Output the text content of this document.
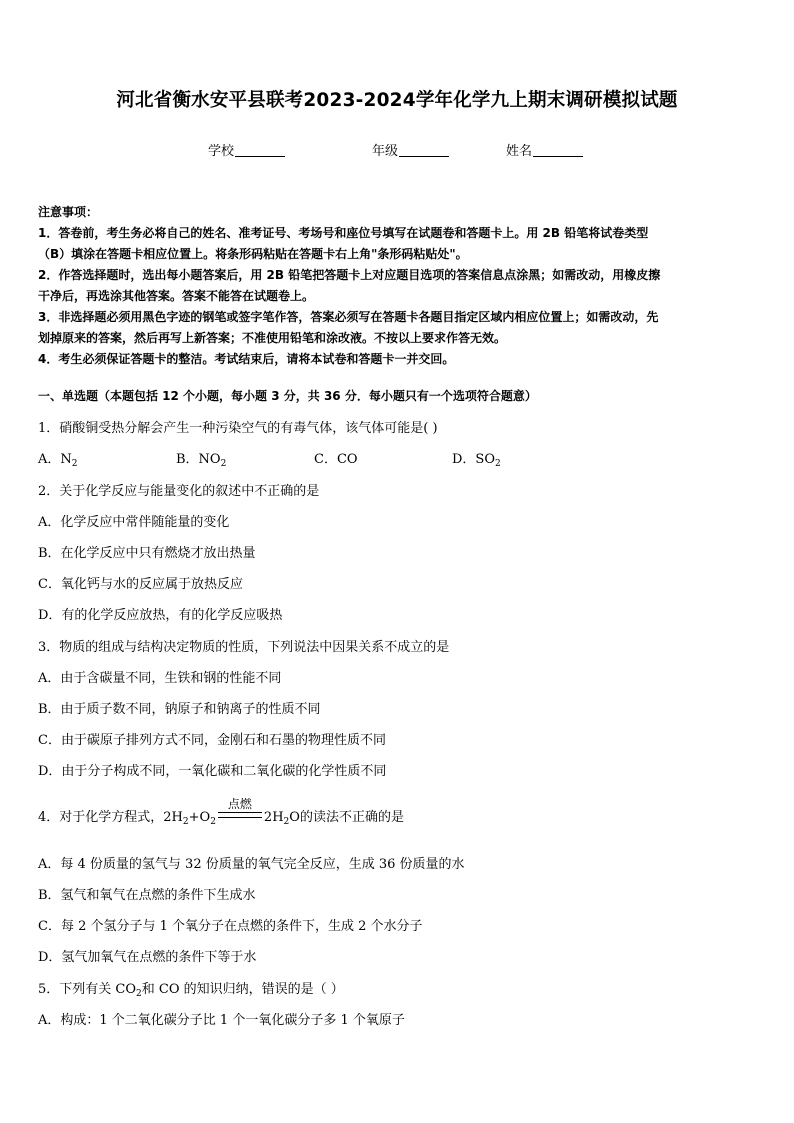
河北省衡水安平县联考2023-2024学年化学九上期末调研模拟试题
学校	年级	姓名

注意事项：

1．答卷前，考生务必将自己的姓名、准考证号、考场号和座位号填写在试题卷和答题卡上。用 2B 铅笔将试卷类型

（B）填涂在答题卡相应位置上。将条形码粘贴在答题卡右上角"条形码粘贴处"。

2．作答选择题时，选出每小题答案后，用 2B 铅笔把答题卡上对应题目选项的答案信息点涂黑；如需改动，用橡皮擦

干净后，再选涂其他答案。答案不能答在试题卷上。

3．非选择题必须用黑色字迹的钢笔或签字笔作答，答案必须写在答题卡各题目指定区域内相应位置上；如需改动，先

划掉原来的答案，然后再写上新答案；不准使用铅笔和涂改液。不按以上要求作答无效。

4．考生必须保证答题卡的整洁。考试结束后，请将本试卷和答题卡一并交回。

一、单选题（本题包括 12 个小题，每小题 3 分，共 36 分．每小题只有一个选项符合题意）
1．硝酸铜受热分解会产生一种污染空气的有毒气体，该气体可能是( )
A．$N_2$	B．$NO_2$	C．CO	D．$SO_2$
2．关于化学反应与能量变化的叙述中不正确的是
A．化学反应中常伴随能量的变化
B．在化学反应中只有燃烧才放出热量
C．氧化钙与水的反应属于放热反应
D．有的化学反应放热，有的化学反应吸热
3．物质的组成与结构决定物质的性质，下列说法中因果关系不成立的是
A．由于含碳量不同，生铁和钢的性能不同
B．由于质子数不同，钠原子和钠离子的性质不同
C．由于碳原子排列方式不同，金刚石和石墨的物理性质不同
D．由于分子构成不同，一氧化碳和二氧化碳的化学性质不同
4．对于化学方程式，$2H_2+O_2$
点燃
$2H_2O$的读法不正确的是
A．每 4 份质量的氢气与 32 份质量的氧气完全反应，生成 36 份质量的水
B．氢气和氧气在点燃的条件下生成水
C．每 2 个氢分子与 1 个氧分子在点燃的条件下，生成 2 个水分子
D．氢气加氧气在点燃的条件下等于水
5．下列有关 $CO_2$和 CO 的知识归纳，错误的是（ ）
A．构成：1 个二氧化碳分子比 1 个一氧化碳分子多 1 个氧原子
